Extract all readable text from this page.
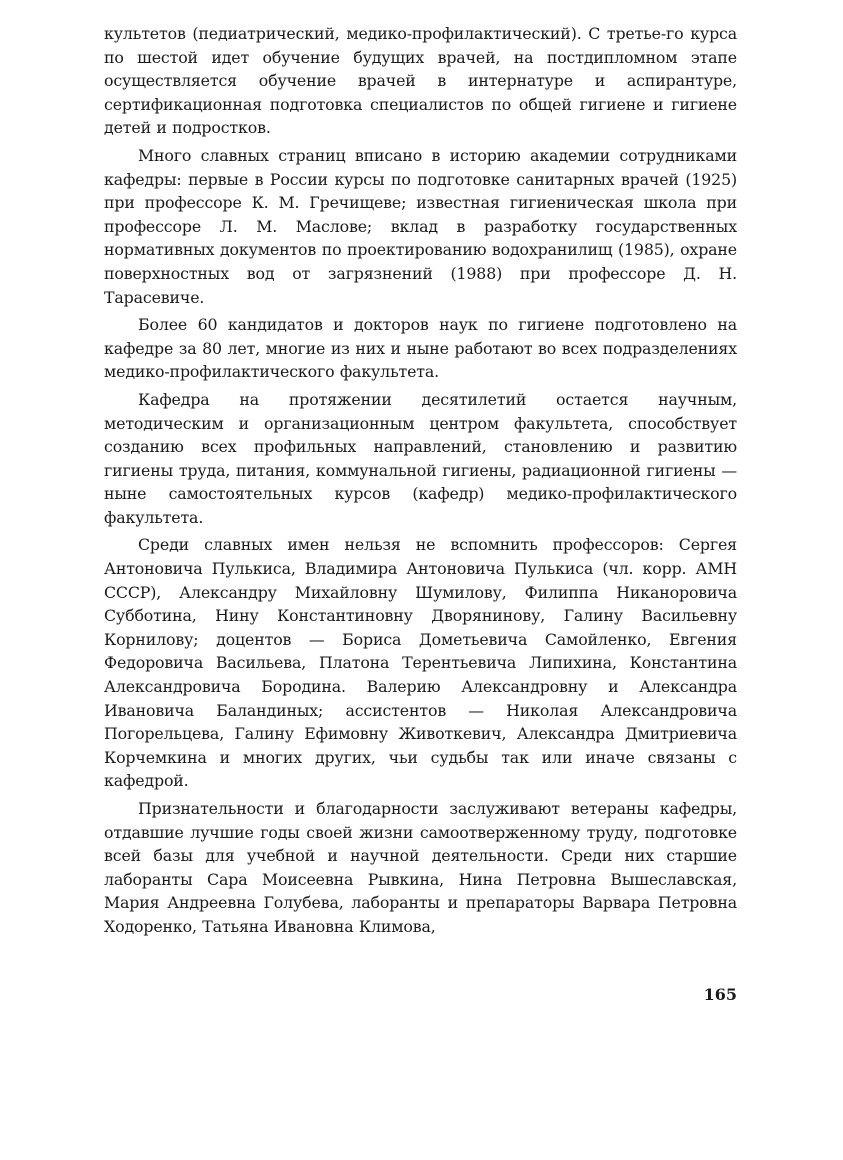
культетов (педиатрический, медико-профилактический). С третье-го курса по шестой идет обучение будущих врачей, на постдипломном этапе осуществляется обучение врачей в интернатуре и аспирантуре, сертификационная подготовка специалистов по общей гигиене и гигиене детей и подростков.

Много славных страниц вписано в историю академии сотрудниками кафедры: первые в России курсы по подготовке санитарных врачей (1925) при профессоре К. М. Гречищеве; известная гигиеническая школа при профессоре Л. М. Маслове; вклад в разработку государственных нормативных документов по проектированию водохранилищ (1985), охране поверхностных вод от загрязнений (1988) при профессоре Д. Н. Тарасевиче.

Более 60 кандидатов и докторов наук по гигиене подготовлено на кафедре за 80 лет, многие из них и ныне работают во всех подразделениях медико-профилактического факультета.

Кафедра на протяжении десятилетий остается научным, методическим и организационным центром факультета, способствует созданию всех профильных направлений, становлению и развитию гигиены труда, питания, коммунальной гигиены, радиационной гигиены — ныне самостоятельных курсов (кафедр) медико-профилактического факультета.

Среди славных имен нельзя не вспомнить профессоров: Сергея Антоновича Пулькиса, Владимира Антоновича Пулькиса (чл. корр. АМН СССР), Александру Михайловну Шумилову, Филиппа Никаноровича Субботина, Нину Константиновну Дворянинову, Галину Васильевну Корнилову; доцентов — Бориса Дометьевича Самойленко, Евгения Федоровича Васильева, Платона Терентьевича Липихина, Константина Александровича Бородина. Валерию Александровну и Александра Ивановича Баландиных; ассистентов — Николая Александровича Погорельцева, Галину Ефимовну Животкевич, Александра Дмитриевича Корчемкина и многих других, чьи судьбы так или иначе связаны с кафедрой.

Признательности и благодарности заслуживают ветераны кафедры, отдавшие лучшие годы своей жизни самоотверженному труду, подготовке всей базы для учебной и научной деятельности. Среди них старшие лаборанты Сара Моисеевна Рывкина, Нина Петровна Вышеславская, Мария Андреевна Голубева, лаборанты и препараторы Варвара Петровна Ходоренко, Татьяна Ивановна Климова,

165
